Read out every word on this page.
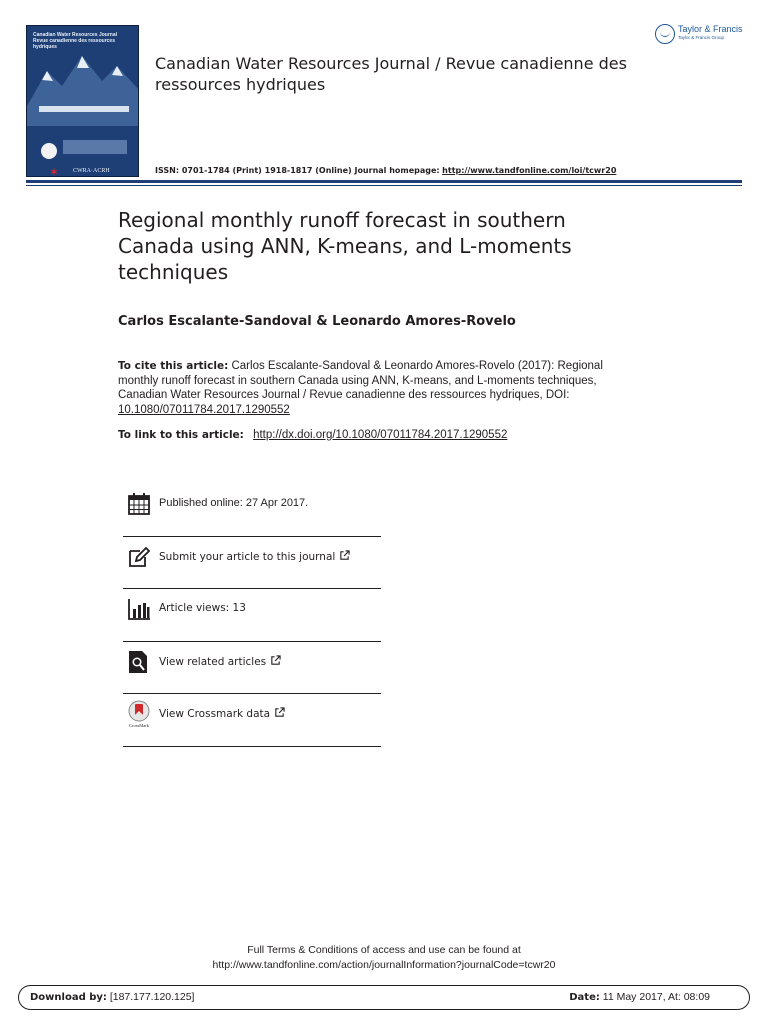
Canadian Water Resources Journal
Revue canadienne des ressources hydriques
✶	CWRA·ACRH
Canadian Water Resources Journal / Revue canadienne des ressources hydriques
ISSN: 0701-1784 (Print) 1918-1817 (Online) Journal homepage: http://www.tandfonline.com/loi/tcwr20
Taylor & Francis
Taylor & Francis Group
Regional monthly runoff forecast in southern Canada using ANN, K-means, and L-moments techniques
Carlos Escalante-Sandoval & Leonardo Amores-Rovelo
To cite this article: Carlos Escalante-Sandoval & Leonardo Amores-Rovelo (2017): Regional monthly runoff forecast in southern Canada using ANN, K-means, and L-moments techniques, Canadian Water Resources Journal / Revue canadienne des ressources hydriques, DOI:
10.1080/07011784.2017.1290552
To link to this article: http://dx.doi.org/10.1080/07011784.2017.1290552
Published online: 27 Apr 2017.
Submit your article to this journal
Article views: 13
View related articles
CrossMark
View Crossmark data
Full Terms & Conditions of access and use can be found at
http://www.tandfonline.com/action/journalInformation?journalCode=tcwr20
Download by: [187.177.120.125]	Date: 11 May 2017, At: 08:09
